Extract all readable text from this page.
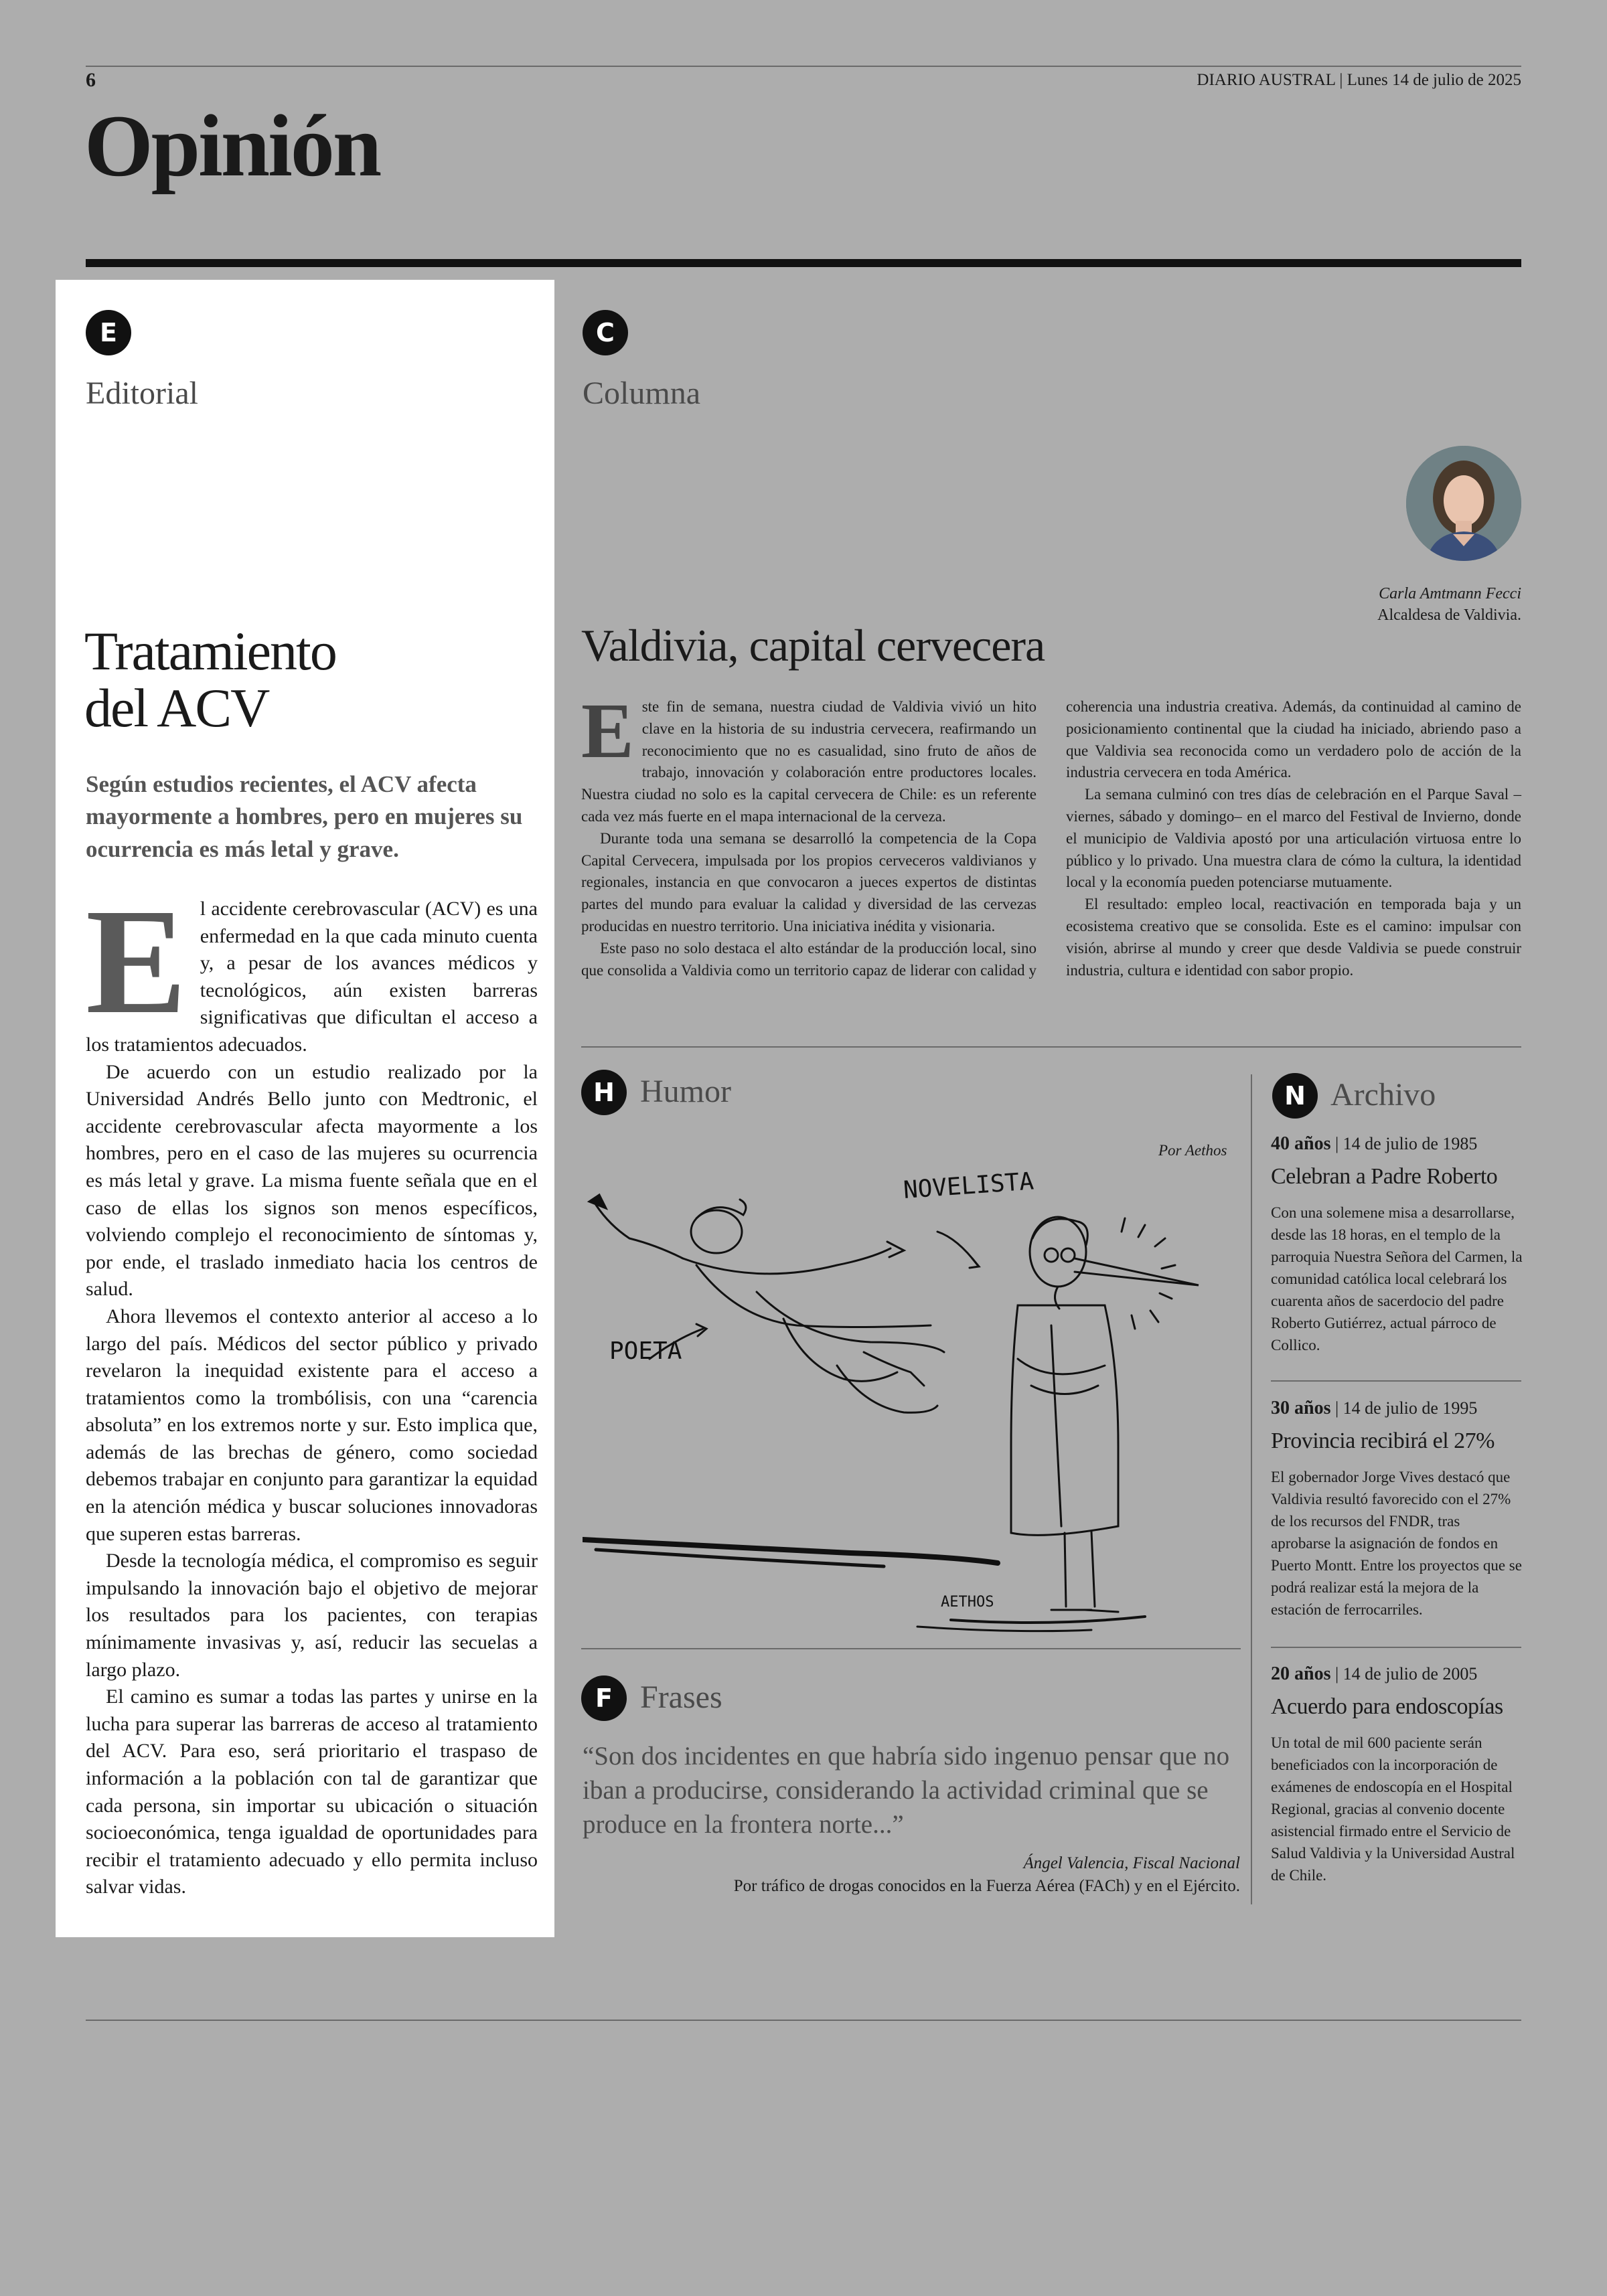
6	DIARIO AUSTRAL | Lunes 14 de julio de 2025
Opinión
E
Editorial
Tratamiento
del ACV
Según estudios recientes, el ACV afecta mayormente a hombres, pero en mujeres su ocurrencia es más letal y grave.

El accidente cerebrovascular (ACV) es una enfermedad en la que cada minuto cuenta y, a pesar de los avances médicos y tecnológicos, aún existen barreras significativas que dificultan el acceso a los tratamientos adecuados.

De acuerdo con un estudio realizado por la Universidad Andrés Bello junto con Medtronic, el accidente cerebrovascular afecta mayormente a los hombres, pero en el caso de las mujeres su ocurrencia es más letal y grave. La misma fuente señala que en el caso de ellas los signos son menos específicos, volviendo complejo el reconocimiento de síntomas y, por ende, el traslado inmediato hacia los centros de salud.

Ahora llevemos el contexto anterior al acceso a lo largo del país. Médicos del sector público y privado revelaron la inequidad existente para el acceso a tratamientos como la trombólisis, con una “carencia absoluta” en los extremos norte y sur. Esto implica que, además de las brechas de género, como sociedad debemos trabajar en conjunto para garantizar la equidad en la atención médica y buscar soluciones innovadoras que superen estas barreras.

Desde la tecnología médica, el compromiso es seguir impulsando la innovación bajo el objetivo de mejorar los resultados para los pacientes, con terapias mínimamente invasivas y, así, reducir las secuelas a largo plazo.

El camino es sumar a todas las partes y unirse en la lucha para superar las barreras de acceso al tratamiento del ACV. Para eso, será prioritario el traspaso de información a la población con tal de garantizar que cada persona, sin importar su ubicación o situación socioeconómica, tenga igualdad de oportunidades para recibir el tratamiento adecuado y ello permita incluso salvar vidas.

C
Columna
Carla Amtmann Fecci
Alcaldesa de Valdivia.
Valdivia, capital cervecera

Este fin de semana, nuestra ciudad de Valdivia vivió un hito clave en la historia de su industria cervecera, reafirmando un reconocimiento que no es casualidad, sino fruto de años de trabajo, innovación y colaboración entre productores locales. Nuestra ciudad no solo es la capital cervecera de Chile: es un referente cada vez más fuerte en el mapa internacional de la cerveza.

Durante toda una semana se desarrolló la competencia de la Copa Capital Cervecera, impulsada por los propios cerveceros valdivianos y regionales, instancia en que convocaron a jueces expertos de distintas partes del mundo para evaluar la calidad y diversidad de las cervezas producidas en nuestro territorio. Una iniciativa inédita y visionaria.

Este paso no solo destaca el alto estándar de la producción local, sino que consolida a Valdivia como un territorio capaz de liderar con calidad y coherencia una industria creativa. Además, da continuidad al camino de posicionamiento continental que la ciudad ha iniciado, abriendo paso a que Valdivia sea reconocida como un verdadero polo de acción de la industria cervecera en toda América.

La semana culminó con tres días de celebración en el Parque Saval –viernes, sábado y domingo– en el marco del Festival de Invierno, donde el municipio de Valdivia apostó por una articulación virtuosa entre lo público y lo privado. Una muestra clara de cómo la cultura, la identidad local y la economía pueden potenciarse mutuamente.

El resultado: empleo local, reactivación en temporada baja y un ecosistema creativo que se consolida. Este es el camino: impulsar con visión, abrirse al mundo y creer que desde Valdivia se puede construir industria, cultura e identidad con sabor propio.

H Humor
Por Aethos
NOVELISTA
POETA
AETHOS
F Frases
“Son dos incidentes en que habría sido ingenuo pensar que no iban a producirse, considerando la actividad criminal que se produce en la frontera norte...”
Ángel Valencia, Fiscal Nacional
Por tráfico de drogas conocidos en la Fuerza Aérea (FACh) y en el Ejército.
N Archivo
40 años | 14 de julio de 1985
Celebran a Padre Roberto
Con una solemene misa a desarrollarse, desde las 18 horas, en el templo de la parroquia Nuestra Señora del Carmen, la comunidad católica local celebrará los cuarenta años de sacerdocio del padre Roberto Gutiérrez, actual párroco de Collico.
30 años | 14 de julio de 1995
Provincia recibirá el 27%
El gobernador Jorge Vives destacó que Valdivia resultó favorecido con el 27% de los recursos del FNDR, tras aprobarse la asignación de fondos en Puerto Montt. Entre los proyectos que se podrá realizar está la mejora de la estación de ferrocarriles.
20 años | 14 de julio de 2005
Acuerdo para endoscopías
Un total de mil 600 paciente serán beneficiados con la incorporación de exámenes de endoscopía en el Hospital Regional, gracias al convenio docente asistencial firmado entre el Servicio de Salud Valdivia y la Universidad Austral de Chile.
